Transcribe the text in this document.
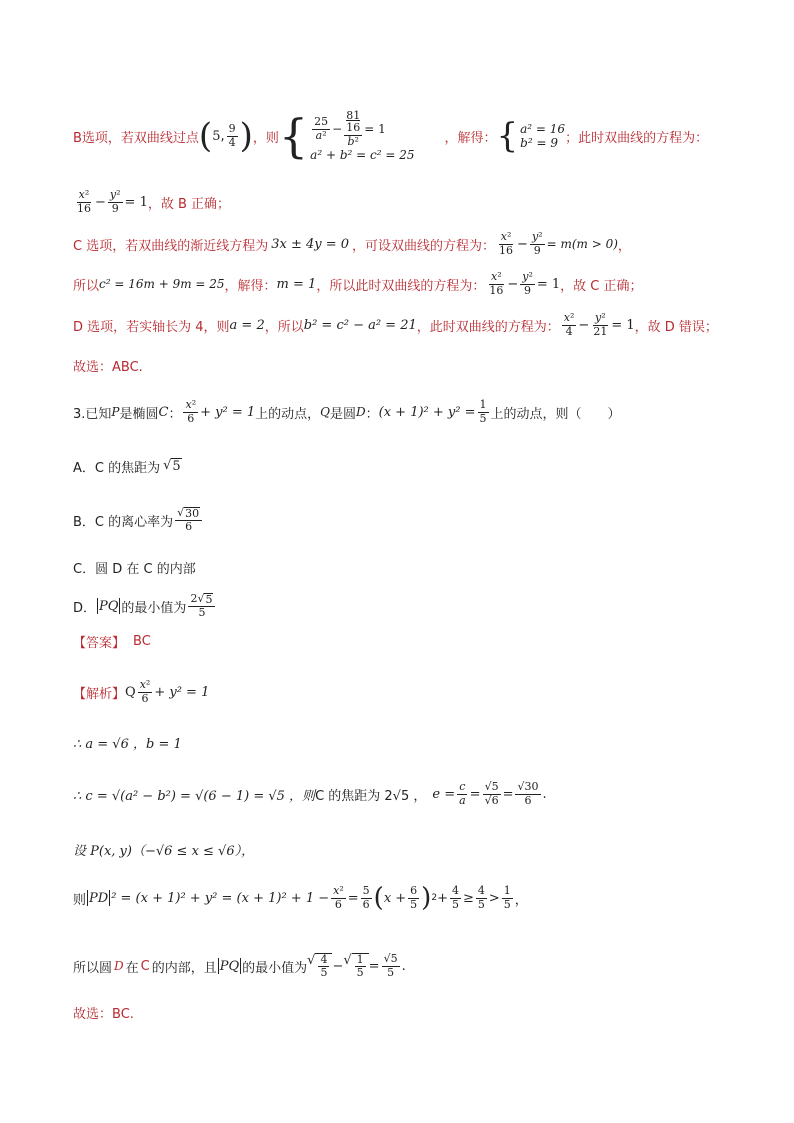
B选项，若双曲线过点 ( 5 , $\frac{9}{4}$ ) ，则 { $\frac{25}{\text{a²}}$ −
81
16
b²
= 1
a² + b² = c² = 25
，解得： { a² = 16
b² = 9 ；此时双曲线的方程为：
$\frac{\text{x²}}{16} - \frac{\text{y²}}{9} = 1$ ，故 B 正确；
C 选项，若双曲线的渐近线方程为 3x ± 4y = 0 ，可设双曲线的方程为： $\frac{\text{x²}}{16} - \frac{\text{y²}}{9} = m(m > 0)$ ，
所以 c² = 16m + 9m = 25 ，解得： m = 1 ，所以此时双曲线的方程为： $\frac{\text{x²}}{16} - \frac{\text{y²}}{9} = 1$ ，故 C 正确；
D 选项，若实轴长为 4，则 a = 2 ，所以 b² = c² − a² = 21 ，此时双曲线的方程为： $\frac{\text{x²}}{4} - \frac{\text{y²}}{21} = 1$ ，故 D 错误；
故选：ABC.
3.已知 P 是椭圆 C ： $\frac{\text{x²}}{6} + y^2 = 1$ 上的动点， Q 是圆 D ： $(x + 1)^2 + y^2 = \frac{1}{5}$ 上的动点，则（　　）
A．C 的焦距为 √ 5
B．C 的离心率为 $\frac{√ 30}{6}$
C．圆 D 在 C 的内部
D． PQ 的最小值为 $\frac{2√ 5}{5}$
【答案】 BC
【解析】 Q $\frac{\text{x²}}{6} + y^2 = 1$
∴ a = √6 ，b = 1
∴ c = √(a² − b²) = √(6 − 1) = √5 ，则 C 的焦距为 2√5 ， $e = \frac{c}{a} = \frac{√5}{√6} = \frac{√30}{6}$ .
设 P(x, y)（−√6 ≤ x ≤ √6），
则 PD $^2 = (x + 1)^2 + y^2 = (x + 1)^2 + 1 - \frac{\text{x²}}{6} = \frac{5}{6}$ ( $x + \frac{6}{5}$ ) $2 + \frac{4}{5} \ge \frac{4}{5} > \frac{1}{5}$ ，
所以圆 D 在 C 的内部，且 PQ 的最小值为
√ $\frac{4}{5}$ − √ $\frac{1}{5} = \frac{√5}{5}$ .
故选：BC.
